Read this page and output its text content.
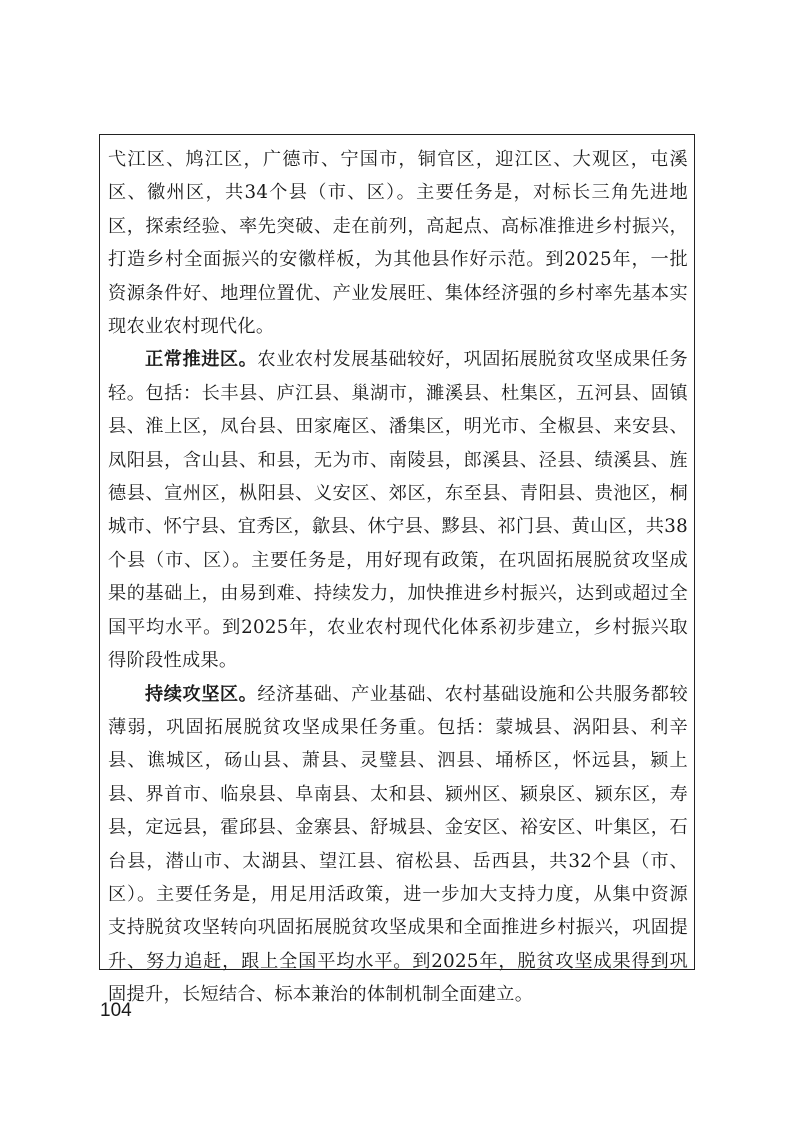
弋江区、鸠江区，广德市、宁国市，铜官区，迎江区、大观区，屯溪区、徽州区，共34个县（市、区）。主要任务是，对标长三角先进地区，探索经验、率先突破、走在前列，高起点、高标准推进乡村振兴，打造乡村全面振兴的安徽样板，为其他县作好示范。到2025年，一批资源条件好、地理位置优、产业发展旺、集体经济强的乡村率先基本实现农业农村现代化。

正常推进区。农业农村发展基础较好，巩固拓展脱贫攻坚成果任务轻。包括：长丰县、庐江县、巢湖市，濉溪县、杜集区，五河县、固镇县、淮上区，凤台县、田家庵区、潘集区，明光市、全椒县、来安县、凤阳县，含山县、和县，无为市、南陵县，郎溪县、泾县、绩溪县、旌德县、宣州区，枞阳县、义安区、郊区，东至县、青阳县、贵池区，桐城市、怀宁县、宜秀区，歙县、休宁县、黟县、祁门县、黄山区，共38个县（市、区）。主要任务是，用好现有政策，在巩固拓展脱贫攻坚成果的基础上，由易到难、持续发力，加快推进乡村振兴，达到或超过全国平均水平。到2025年，农业农村现代化体系初步建立，乡村振兴取得阶段性成果。

持续攻坚区。经济基础、产业基础、农村基础设施和公共服务都较薄弱，巩固拓展脱贫攻坚成果任务重。包括：蒙城县、涡阳县、利辛县、谯城区，砀山县、萧县、灵璧县、泗县、埇桥区，怀远县，颍上县、界首市、临泉县、阜南县、太和县、颍州区、颍泉区、颍东区，寿县，定远县，霍邱县、金寨县、舒城县、金安区、裕安区、叶集区，石台县，潜山市、太湖县、望江县、宿松县、岳西县，共32个县（市、区）。主要任务是，用足用活政策，进一步加大支持力度，从集中资源支持脱贫攻坚转向巩固拓展脱贫攻坚成果和全面推进乡村振兴，巩固提升、努力追赶，跟上全国平均水平。到2025年，脱贫攻坚成果得到巩固提升，长短结合、标本兼治的体制机制全面建立。

104
